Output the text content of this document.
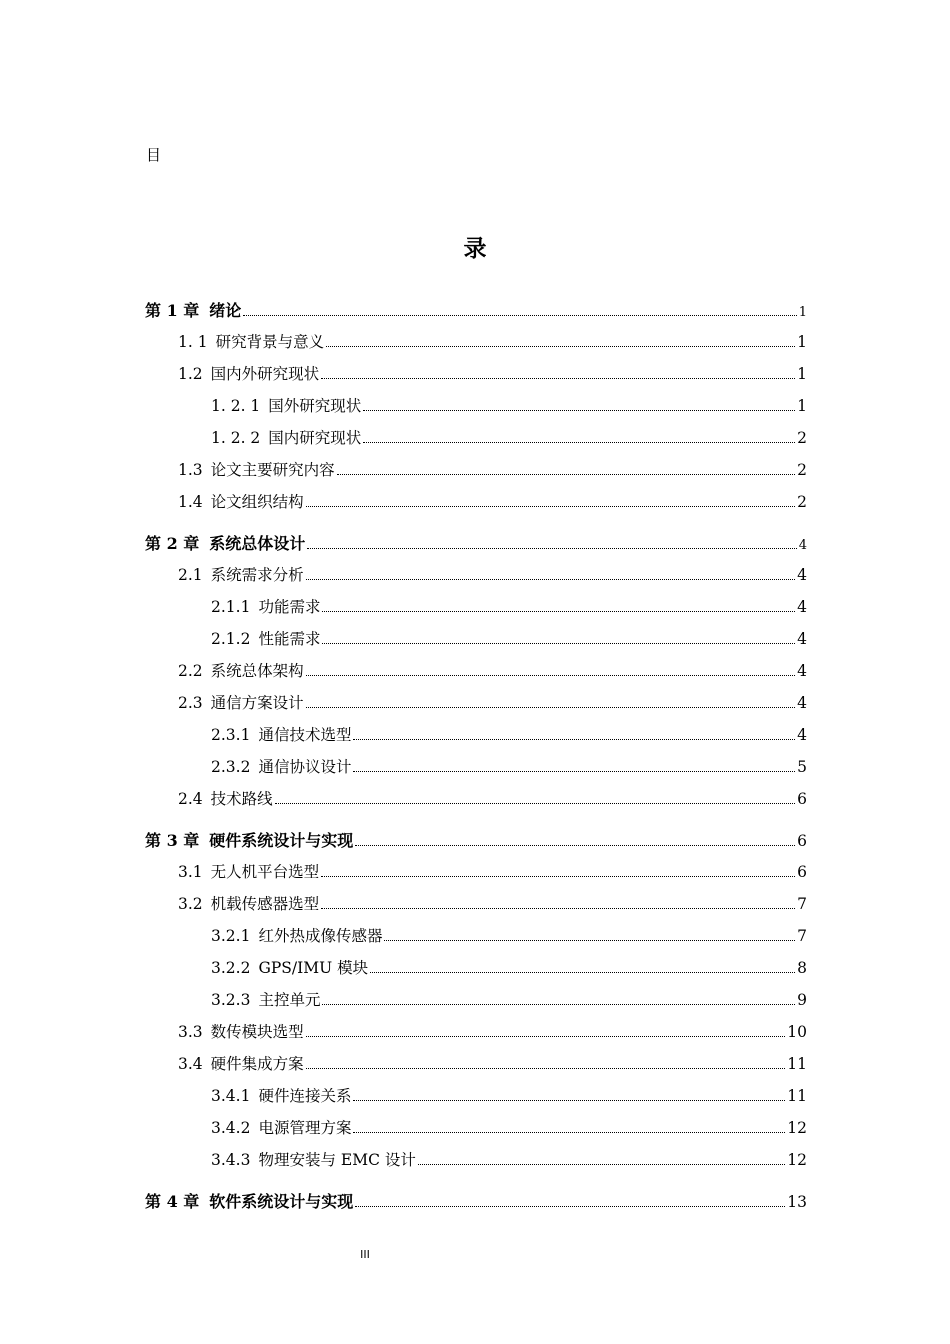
目
录
第 1 章 绪论	1
1. 1 研究背景与意义	1
1.2 国内外研究现状	1
1. 2. 1 国外研究现状	1
1. 2. 2 国内研究现状	2
1.3 论文主要研究内容	2
1.4 论文组织结构	2
第 2 章 系统总体设计	4
2.1 系统需求分析	4
2.1.1 功能需求	4
2.1.2 性能需求	4
2.2 系统总体架构	4
2.3 通信方案设计	4
2.3.1 通信技术选型	4
2.3.2 通信协议设计	5
2.4 技术路线	6
第 3 章 硬件系统设计与实现	6
3.1 无人机平台选型	6
3.2 机载传感器选型	7
3.2.1 红外热成像传感器	7
3.2.2 GPS/IMU 模块	8
3.2.3 主控单元	9
3.3 数传模块选型	10
3.4 硬件集成方案	11
3.4.1 硬件连接关系	11
3.4.2 电源管理方案	12
3.4.3 物理安装与 EMC 设计	12
第 4 章 软件系统设计与实现	13
III
